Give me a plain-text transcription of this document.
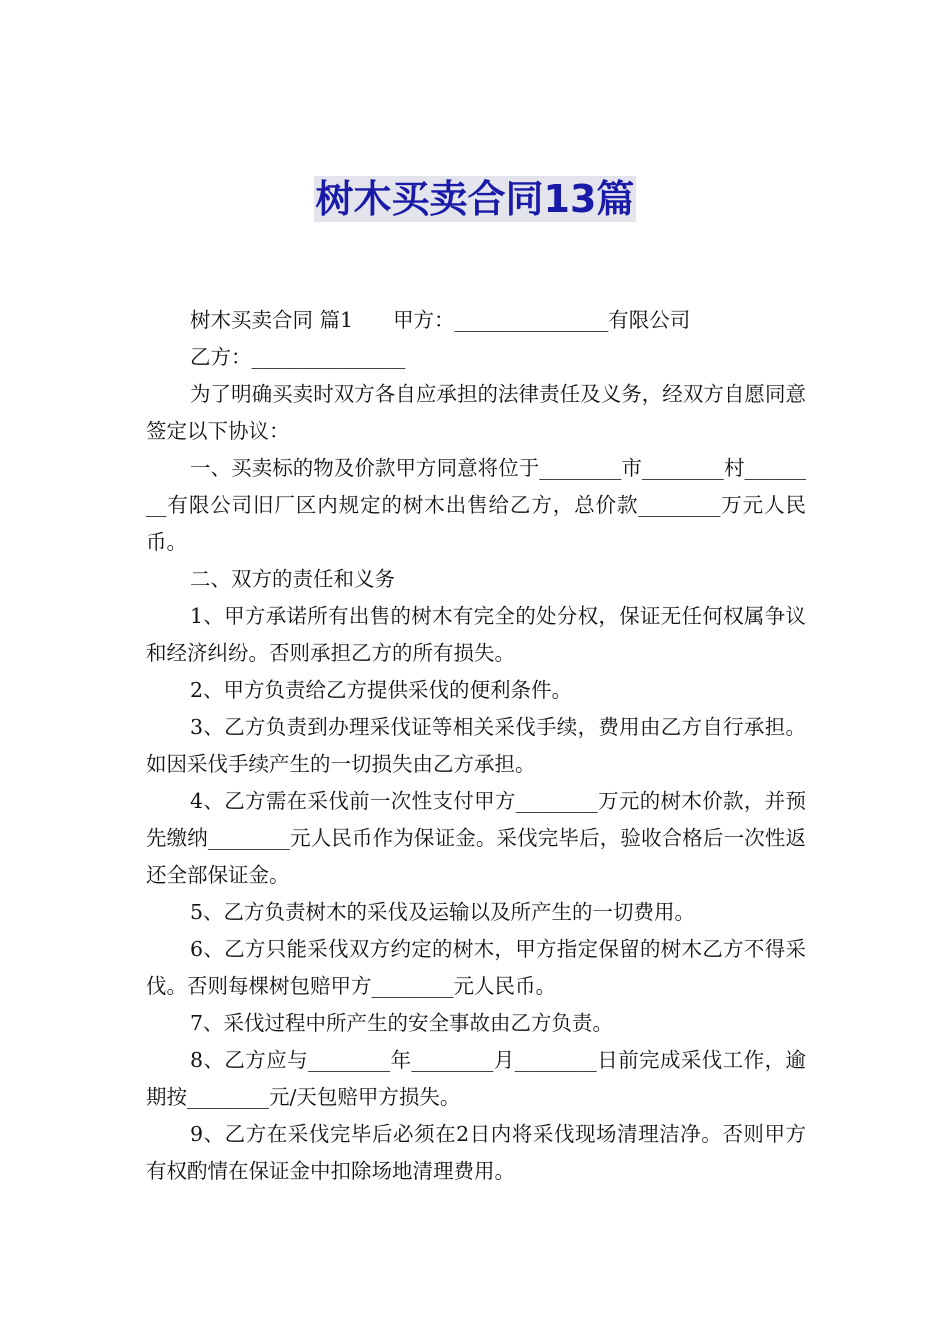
树木买卖合同13篇

树木买卖合同 篇1 甲方：_______________有限公司

乙方：_______________

为了明确买卖时双方各自应承担的法律责任及义务，经双方自愿同意签定以下协议：

一、买卖标的物及价款甲方同意将位于________市________村________有限公司旧厂区内规定的树木出售给乙方，总价款________万元人民币。

二、双方的责任和义务

1、甲方承诺所有出售的树木有完全的处分权，保证无任何权属争议和经济纠纷。否则承担乙方的所有损失。

2、甲方负责给乙方提供采伐的便利条件。

3、乙方负责到办理采伐证等相关采伐手续，费用由乙方自行承担。如因采伐手续产生的一切损失由乙方承担。

4、乙方需在采伐前一次性支付甲方________万元的树木价款，并预先缴纳________元人民币作为保证金。采伐完毕后，验收合格后一次性返还全部保证金。

5、乙方负责树木的采伐及运输以及所产生的一切费用。

6、乙方只能采伐双方约定的树木，甲方指定保留的树木乙方不得采伐。否则每棵树包赔甲方________元人民币。

7、采伐过程中所产生的安全事故由乙方负责。

8、乙方应与________年________月________日前完成采伐工作，逾期按________元/天包赔甲方损失。

9、乙方在采伐完毕后必须在2日内将采伐现场清理洁净。否则甲方有权酌情在保证金中扣除场地清理费用。
